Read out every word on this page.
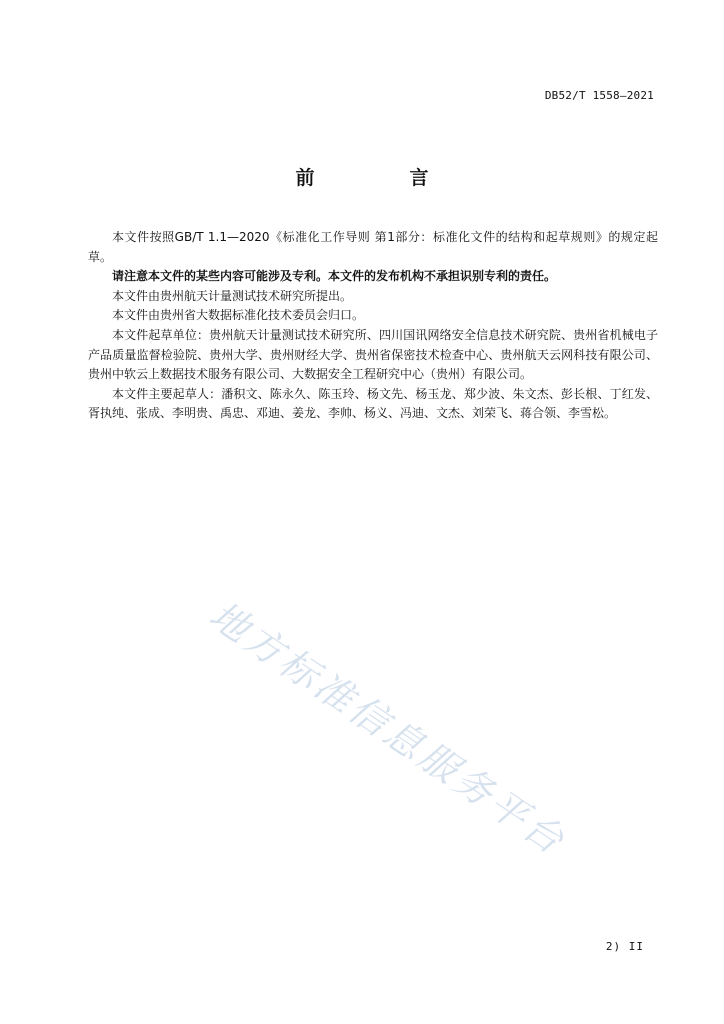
DB52/T 1558—2021
前　言

本文件按照GB/T 1.1—2020《标准化工作导则 第1部分：标准化文件的结构和起草规则》的规定起草。

请注意本文件的某些内容可能涉及专利。本文件的发布机构不承担识别专利的责任。

本文件由贵州航天计量测试技术研究所提出。

本文件由贵州省大数据标准化技术委员会归口。

本文件起草单位：贵州航天计量测试技术研究所、四川国讯网络安全信息技术研究院、贵州省机械电子产品质量监督检验院、贵州大学、贵州财经大学、贵州省保密技术检查中心、贵州航天云网科技有限公司、贵州中软云上数据技术服务有限公司、大数据安全工程研究中心（贵州）有限公司。

本文件主要起草人：潘积文、陈永久、陈玉玲、杨文先、杨玉龙、郑少波、朱文杰、彭长根、丁红发、胥执纯、张成、李明贵、禹忠、邓迪、姜龙、李帅、杨义、冯迪、文杰、刘荣飞、蒋合领、李雪松。

地方标准信息服务平台
2) II
